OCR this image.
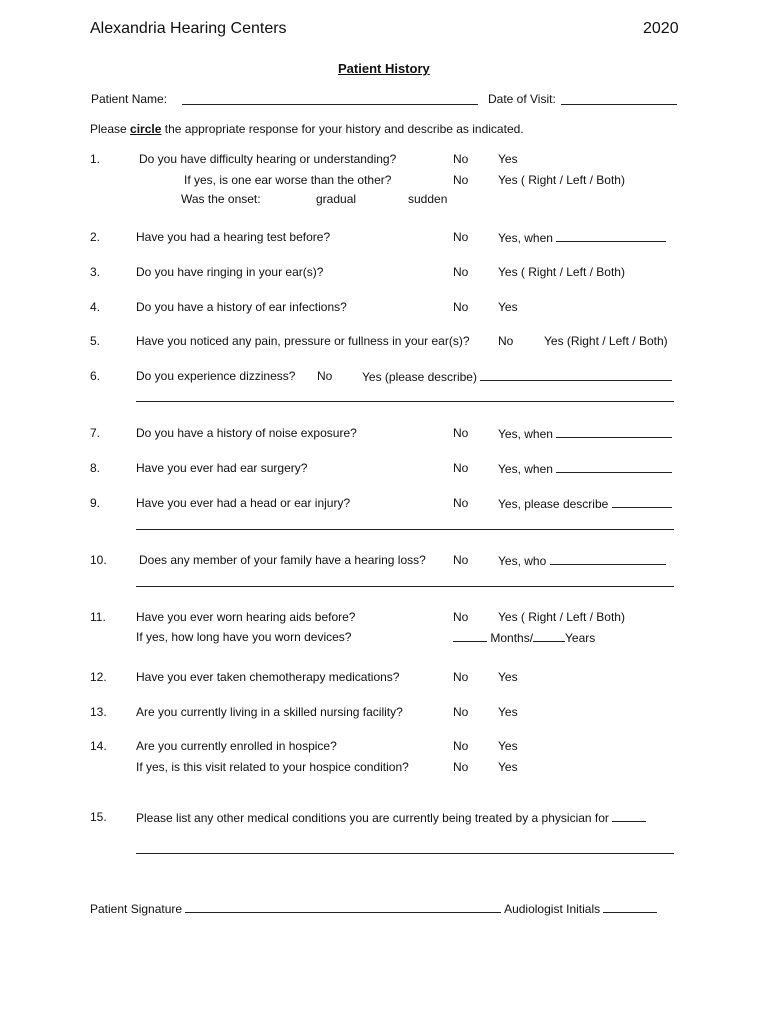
Alexandria Hearing Centers	2020
Patient History
Patient Name:	Date of Visit:
Please circle the appropriate response for your history and describe as indicated.
1.	Do you have difficulty hearing or understanding?	No Yes
If yes, is one ear worse than the other?	No Yes ( Right / Left / Both)
Was the onset:	gradual	sudden
2.	Have you had a hearing test before?	No Yes, when
3.	Do you have ringing in your ear(s)?	No Yes ( Right / Left / Both)
4.	Do you have a history of ear infections?	No Yes
5.	Have you noticed any pain, pressure or fullness in your ear(s)? No	Yes (Right / Left / Both)
6.	Do you experience dizziness? No Yes (please describe)
7.	Do you have a history of noise exposure?	No Yes, when
8.	Have you ever had ear surgery?	No Yes, when
9.	Have you ever had a head or ear injury?	No Yes, please describe
10.	Does any member of your family have a hearing loss? No Yes, who
11.	Have you ever worn hearing aids before?	No Yes ( Right / Left / Both)
If yes, how long have you worn devices?	Months/	Years
12. Have you ever taken chemotherapy medications?	No Yes
13. Are you currently living in a skilled nursing facility?	No Yes
14. Are you currently enrolled in hospice?	No Yes
If yes, is this visit related to your hospice condition?	No Yes
15. Please list any other medical conditions you are currently being treated by a physician for
Patient Signature	Audiologist Initials
